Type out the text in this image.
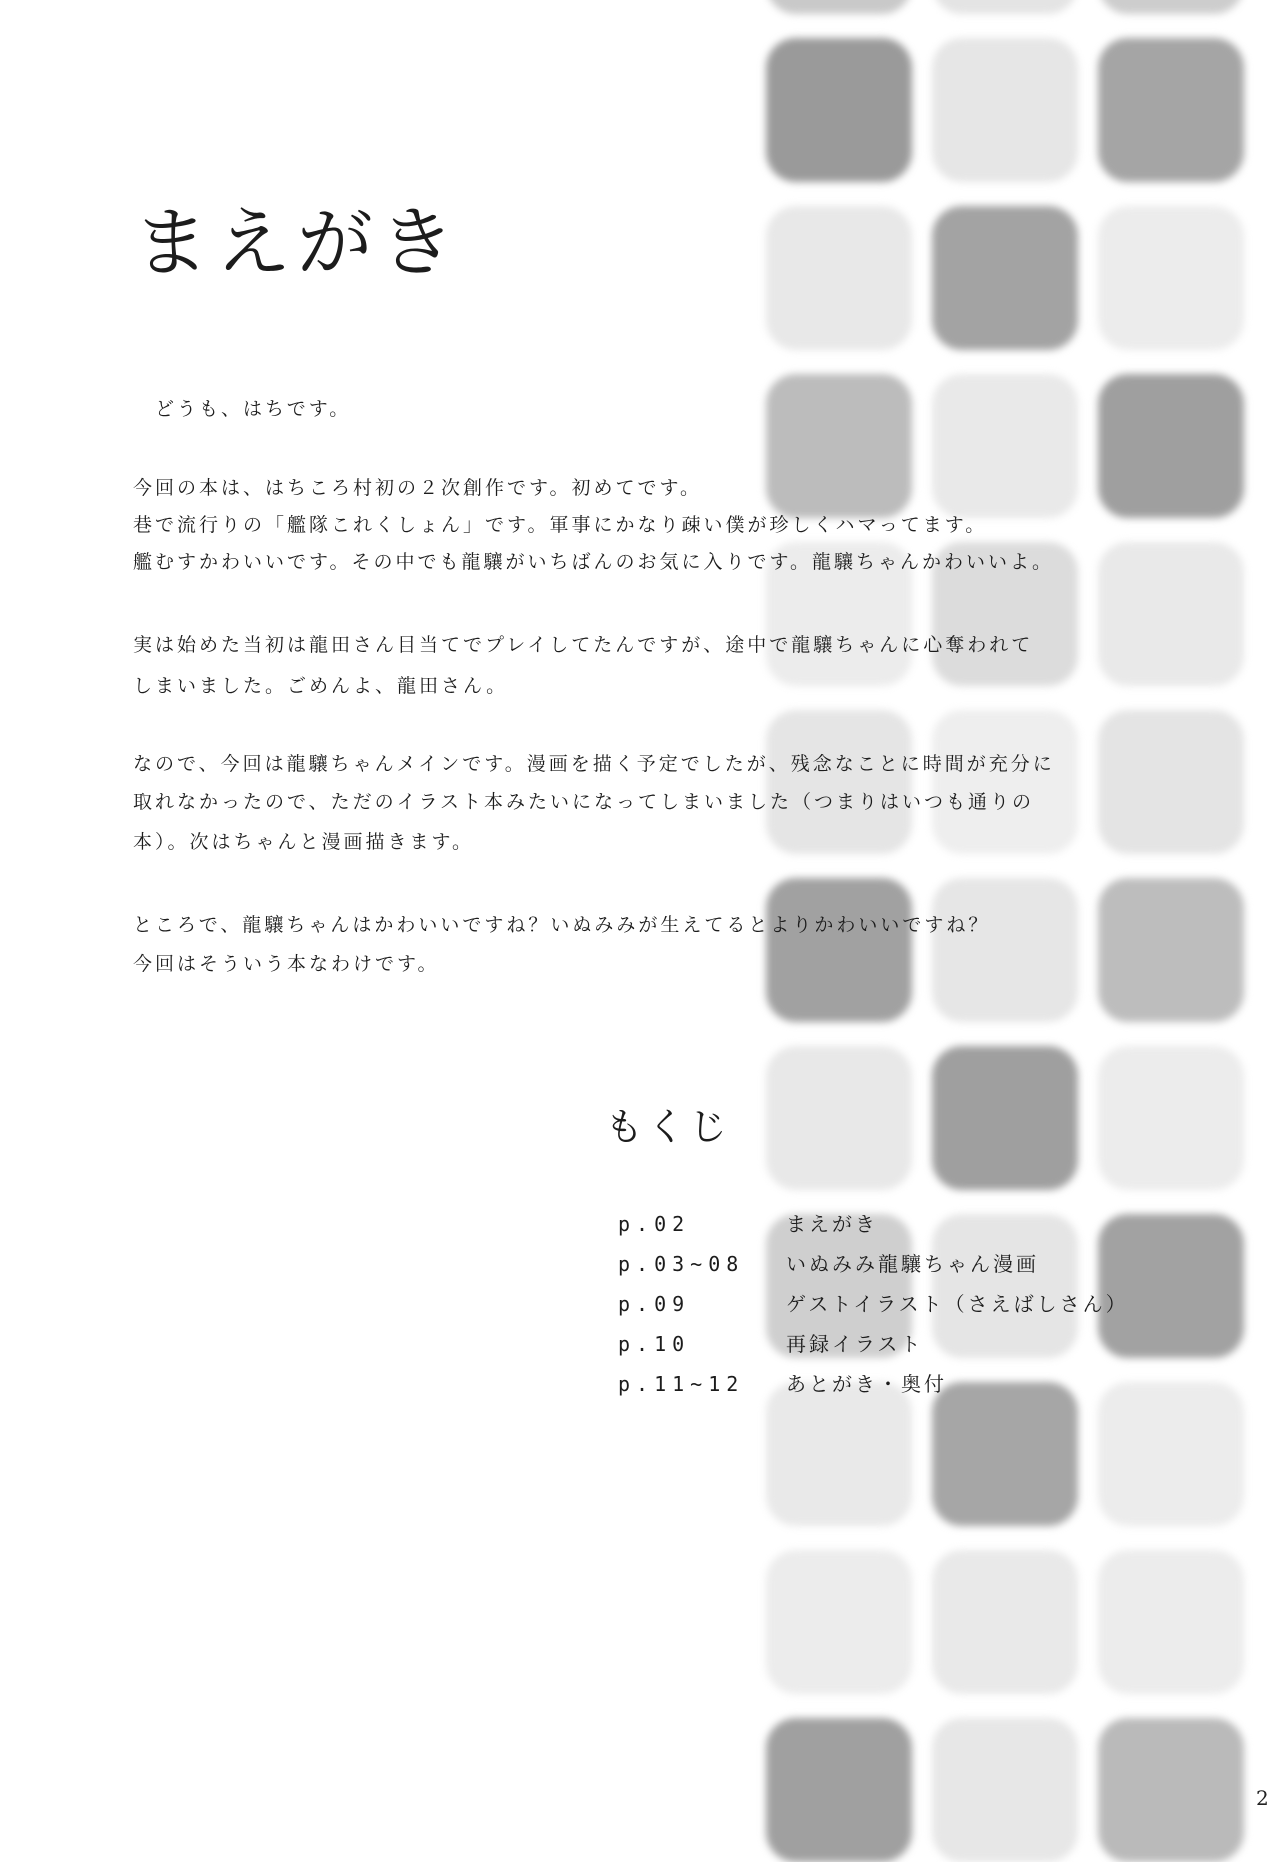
まえがき
　どうも、はちです。
今回の本は、はちころ村初の２次創作です。初めてです。
巷で流行りの「艦隊これくしょん」です。軍事にかなり疎い僕が珍しくハマってます。
艦むすかわいいです。その中でも龍驤がいちばんのお気に入りです。龍驤ちゃんかわいいよ。
実は始めた当初は龍田さん目当てでプレイしてたんですが、途中で龍驤ちゃんに心奪われて
しまいました。ごめんよ、龍田さん。
なので、今回は龍驤ちゃんメインです。漫画を描く予定でしたが、残念なことに時間が充分に
取れなかったので、ただのイラスト本みたいになってしまいました（つまりはいつも通りの
本）。次はちゃんと漫画描きます。
ところで、龍驤ちゃんはかわいいですね？いぬみみが生えてるとよりかわいいですね？
今回はそういう本なわけです。
もくじ
p.02	まえがき
p.03~08 いぬみみ龍驤ちゃん漫画
p.09	ゲストイラスト（さえばしさん）
p.10	再録イラスト
p.11~12 あとがき・奥付
2
